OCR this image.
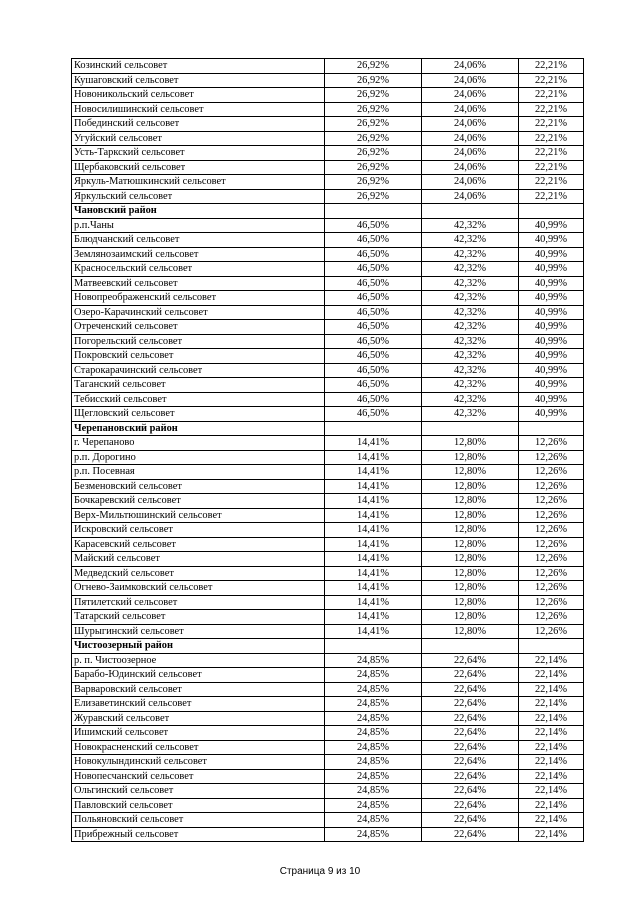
Козинский сельсовет	26,92%	24,06%	22,21%
Кушаговский сельсовет	26,92%	24,06%	22,21%
Новоникольский сельсовет	26,92%	24,06%	22,21%
Новосилишинский сельсовет	26,92%	24,06%	22,21%
Побединский сельсовет	26,92%	24,06%	22,21%
Угуйский сельсовет	26,92%	24,06%	22,21%
Усть-Таркский сельсовет	26,92%	24,06%	22,21%
Щербаковский сельсовет	26,92%	24,06%	22,21%
Яркуль-Матюшкинский сельсовет	26,92%	24,06%	22,21%
Яркульский сельсовет	26,92%	24,06%	22,21%
Чановский район			
р.п.Чаны	46,50%	42,32%	40,99%
Блюдчанский сельсовет	46,50%	42,32%	40,99%
Землянозаимский сельсовет	46,50%	42,32%	40,99%
Красносельский сельсовет	46,50%	42,32%	40,99%
Матвеевский сельсовет	46,50%	42,32%	40,99%
Новопреображенский сельсовет	46,50%	42,32%	40,99%
Озеро-Карачинский сельсовет	46,50%	42,32%	40,99%
Отреченский сельсовет	46,50%	42,32%	40,99%
Погорельский сельсовет	46,50%	42,32%	40,99%
Покровский сельсовет	46,50%	42,32%	40,99%
Старокарачинский сельсовет	46,50%	42,32%	40,99%
Таганский сельсовет	46,50%	42,32%	40,99%
Тебисский сельсовет	46,50%	42,32%	40,99%
Щегловский сельсовет	46,50%	42,32%	40,99%
Черепановский район			
г. Черепаново	14,41%	12,80%	12,26%
р.п. Дорогино	14,41%	12,80%	12,26%
р.п. Посевная	14,41%	12,80%	12,26%
Безменовский сельсовет	14,41%	12,80%	12,26%
Бочкаревский сельсовет	14,41%	12,80%	12,26%
Верх-Мильтюшинский сельсовет	14,41%	12,80%	12,26%
Искровский сельсовет	14,41%	12,80%	12,26%
Карасевский сельсовет	14,41%	12,80%	12,26%
Майский сельсовет	14,41%	12,80%	12,26%
Медведский сельсовет	14,41%	12,80%	12,26%
Огнево-Заимковский сельсовет	14,41%	12,80%	12,26%
Пятилетский сельсовет	14,41%	12,80%	12,26%
Татарский сельсовет	14,41%	12,80%	12,26%
Шурыгинский сельсовет	14,41%	12,80%	12,26%
Чистоозерный район			
р. п. Чистоозерное	24,85%	22,64%	22,14%
Барабо-Юдинский сельсовет	24,85%	22,64%	22,14%
Варваровский сельсовет	24,85%	22,64%	22,14%
Елизаветинский сельсовет	24,85%	22,64%	22,14%
Журавский сельсовет	24,85%	22,64%	22,14%
Ишимский сельсовет	24,85%	22,64%	22,14%
Новокрасненский сельсовет	24,85%	22,64%	22,14%
Новокулындинский сельсовет	24,85%	22,64%	22,14%
Новопесчанский сельсовет	24,85%	22,64%	22,14%
Ольгинский сельсовет	24,85%	22,64%	22,14%
Павловский сельсовет	24,85%	22,64%	22,14%
Польяновский сельсовет	24,85%	22,64%	22,14%
Прибрежный сельсовет	24,85%	22,64%	22,14%
Страница 9 из 10
